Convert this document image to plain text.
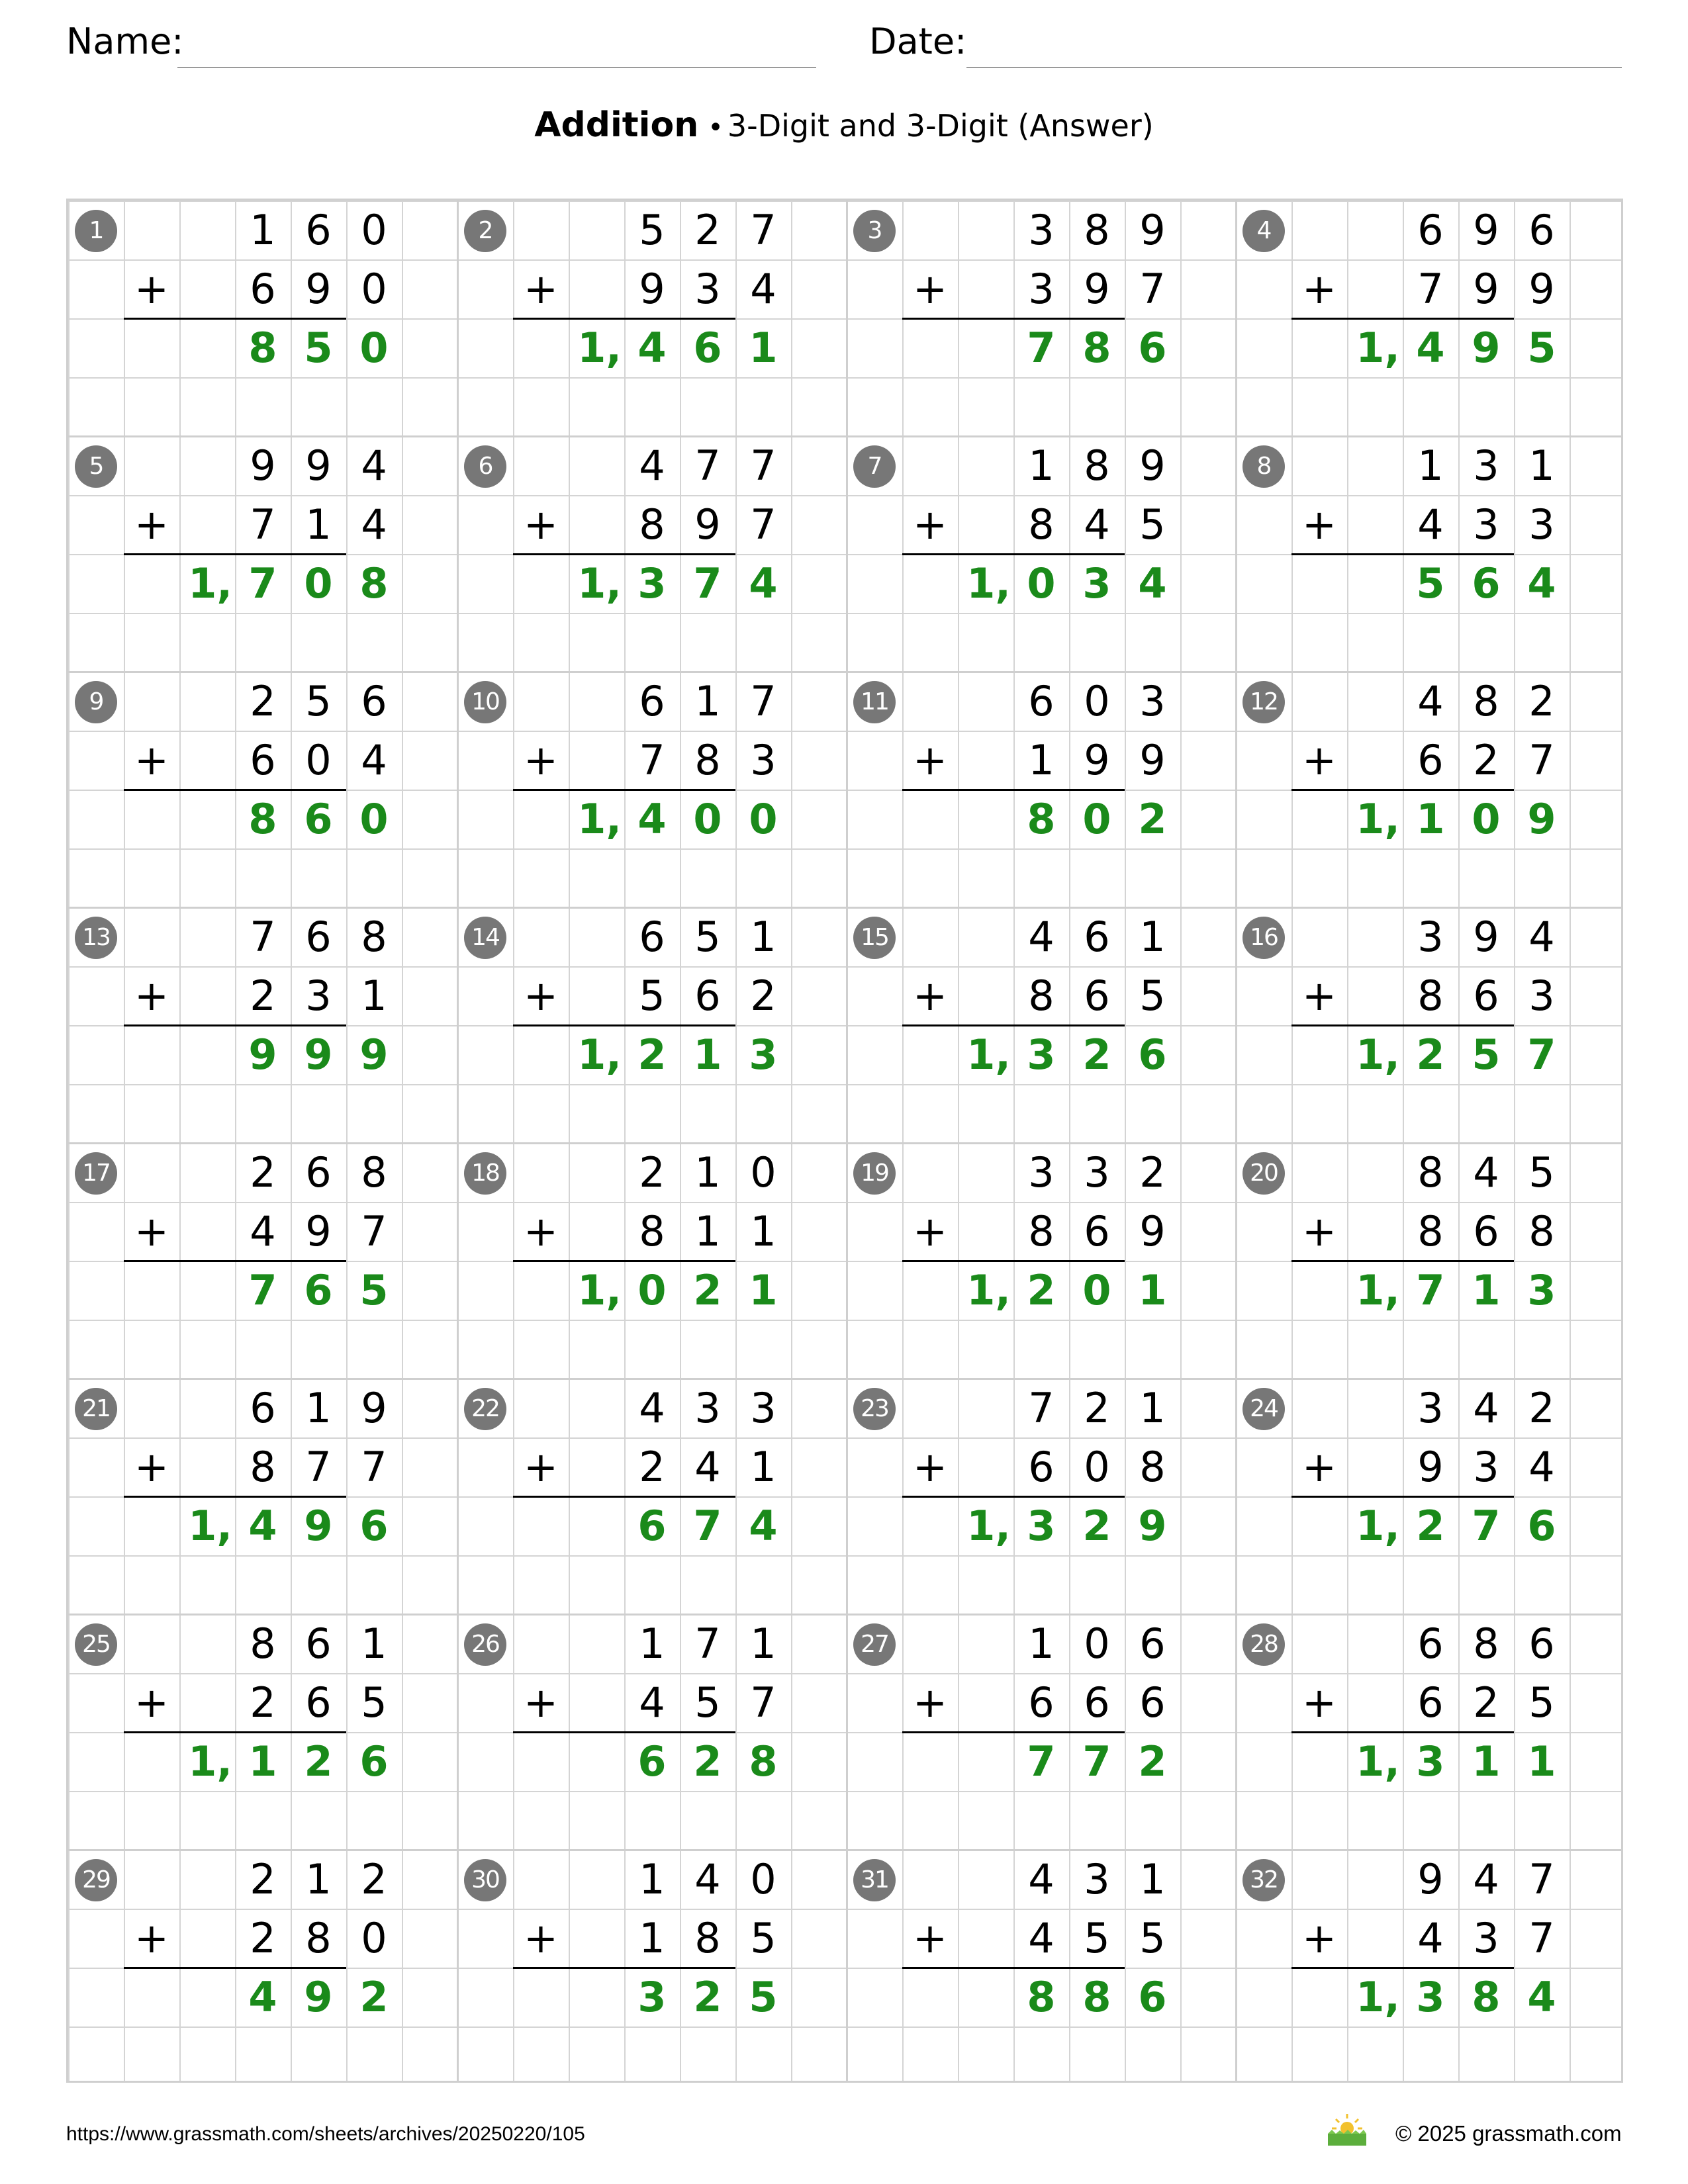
Name:	Date:
Addition • 3-Digit and 3-Digit (Answer)
1	1 6 0
+	6 9 0
8 5 0
2	5 2 7
+	9 3 4
1, 4 6 1
3	3 8 9
+	3 9 7
7 8 6
4	6 9 6
+	7 9 9
1, 4 9 5
5	9 9 4
+	7 1 4
1, 7 0 8
6	4 7 7
+	8 9 7
1, 3 7 4
7	1 8 9
+	8 4 5
1, 0 3 4
8	1 3 1
+	4 3 3
5 6 4
9	2 5 6
+	6 0 4
8 6 0
10	6 1 7
+	7 8 3
1, 4 0 0
11	6 0 3
+	1 9 9
8 0 2
12	4 8 2
+	6 2 7
1, 1 0 9
13	7 6 8
+	2 3 1
9 9 9
14	6 5 1
+	5 6 2
1, 2 1 3
15	4 6 1
+	8 6 5
1, 3 2 6
16	3 9 4
+	8 6 3
1, 2 5 7
17	2 6 8
+	4 9 7
7 6 5
18	2 1 0
+	8 1 1
1, 0 2 1
19	3 3 2
+	8 6 9
1, 2 0 1
20	8 4 5
+	8 6 8
1, 7 1 3
21	6 1 9
+	8 7 7
1, 4 9 6
22	4 3 3
+	2 4 1
6 7 4
23	7 2 1
+	6 0 8
1, 3 2 9
24	3 4 2
+	9 3 4
1, 2 7 6
25	8 6 1
+	2 6 5
1, 1 2 6
26	1 7 1
+	4 5 7
6 2 8
27	1 0 6
+	6 6 6
7 7 2
28	6 8 6
+	6 2 5
1, 3 1 1
29	2 1 2
+	2 8 0
4 9 2
30	1 4 0
+	1 8 5
3 2 5
31	4 3 1
+	4 5 5
8 8 6
32	9 4 7
+	4 3 7
1, 3 8 4
https://www.grassmath.com/sheets/archives/20250220/105	© 2025 grassmath.com
